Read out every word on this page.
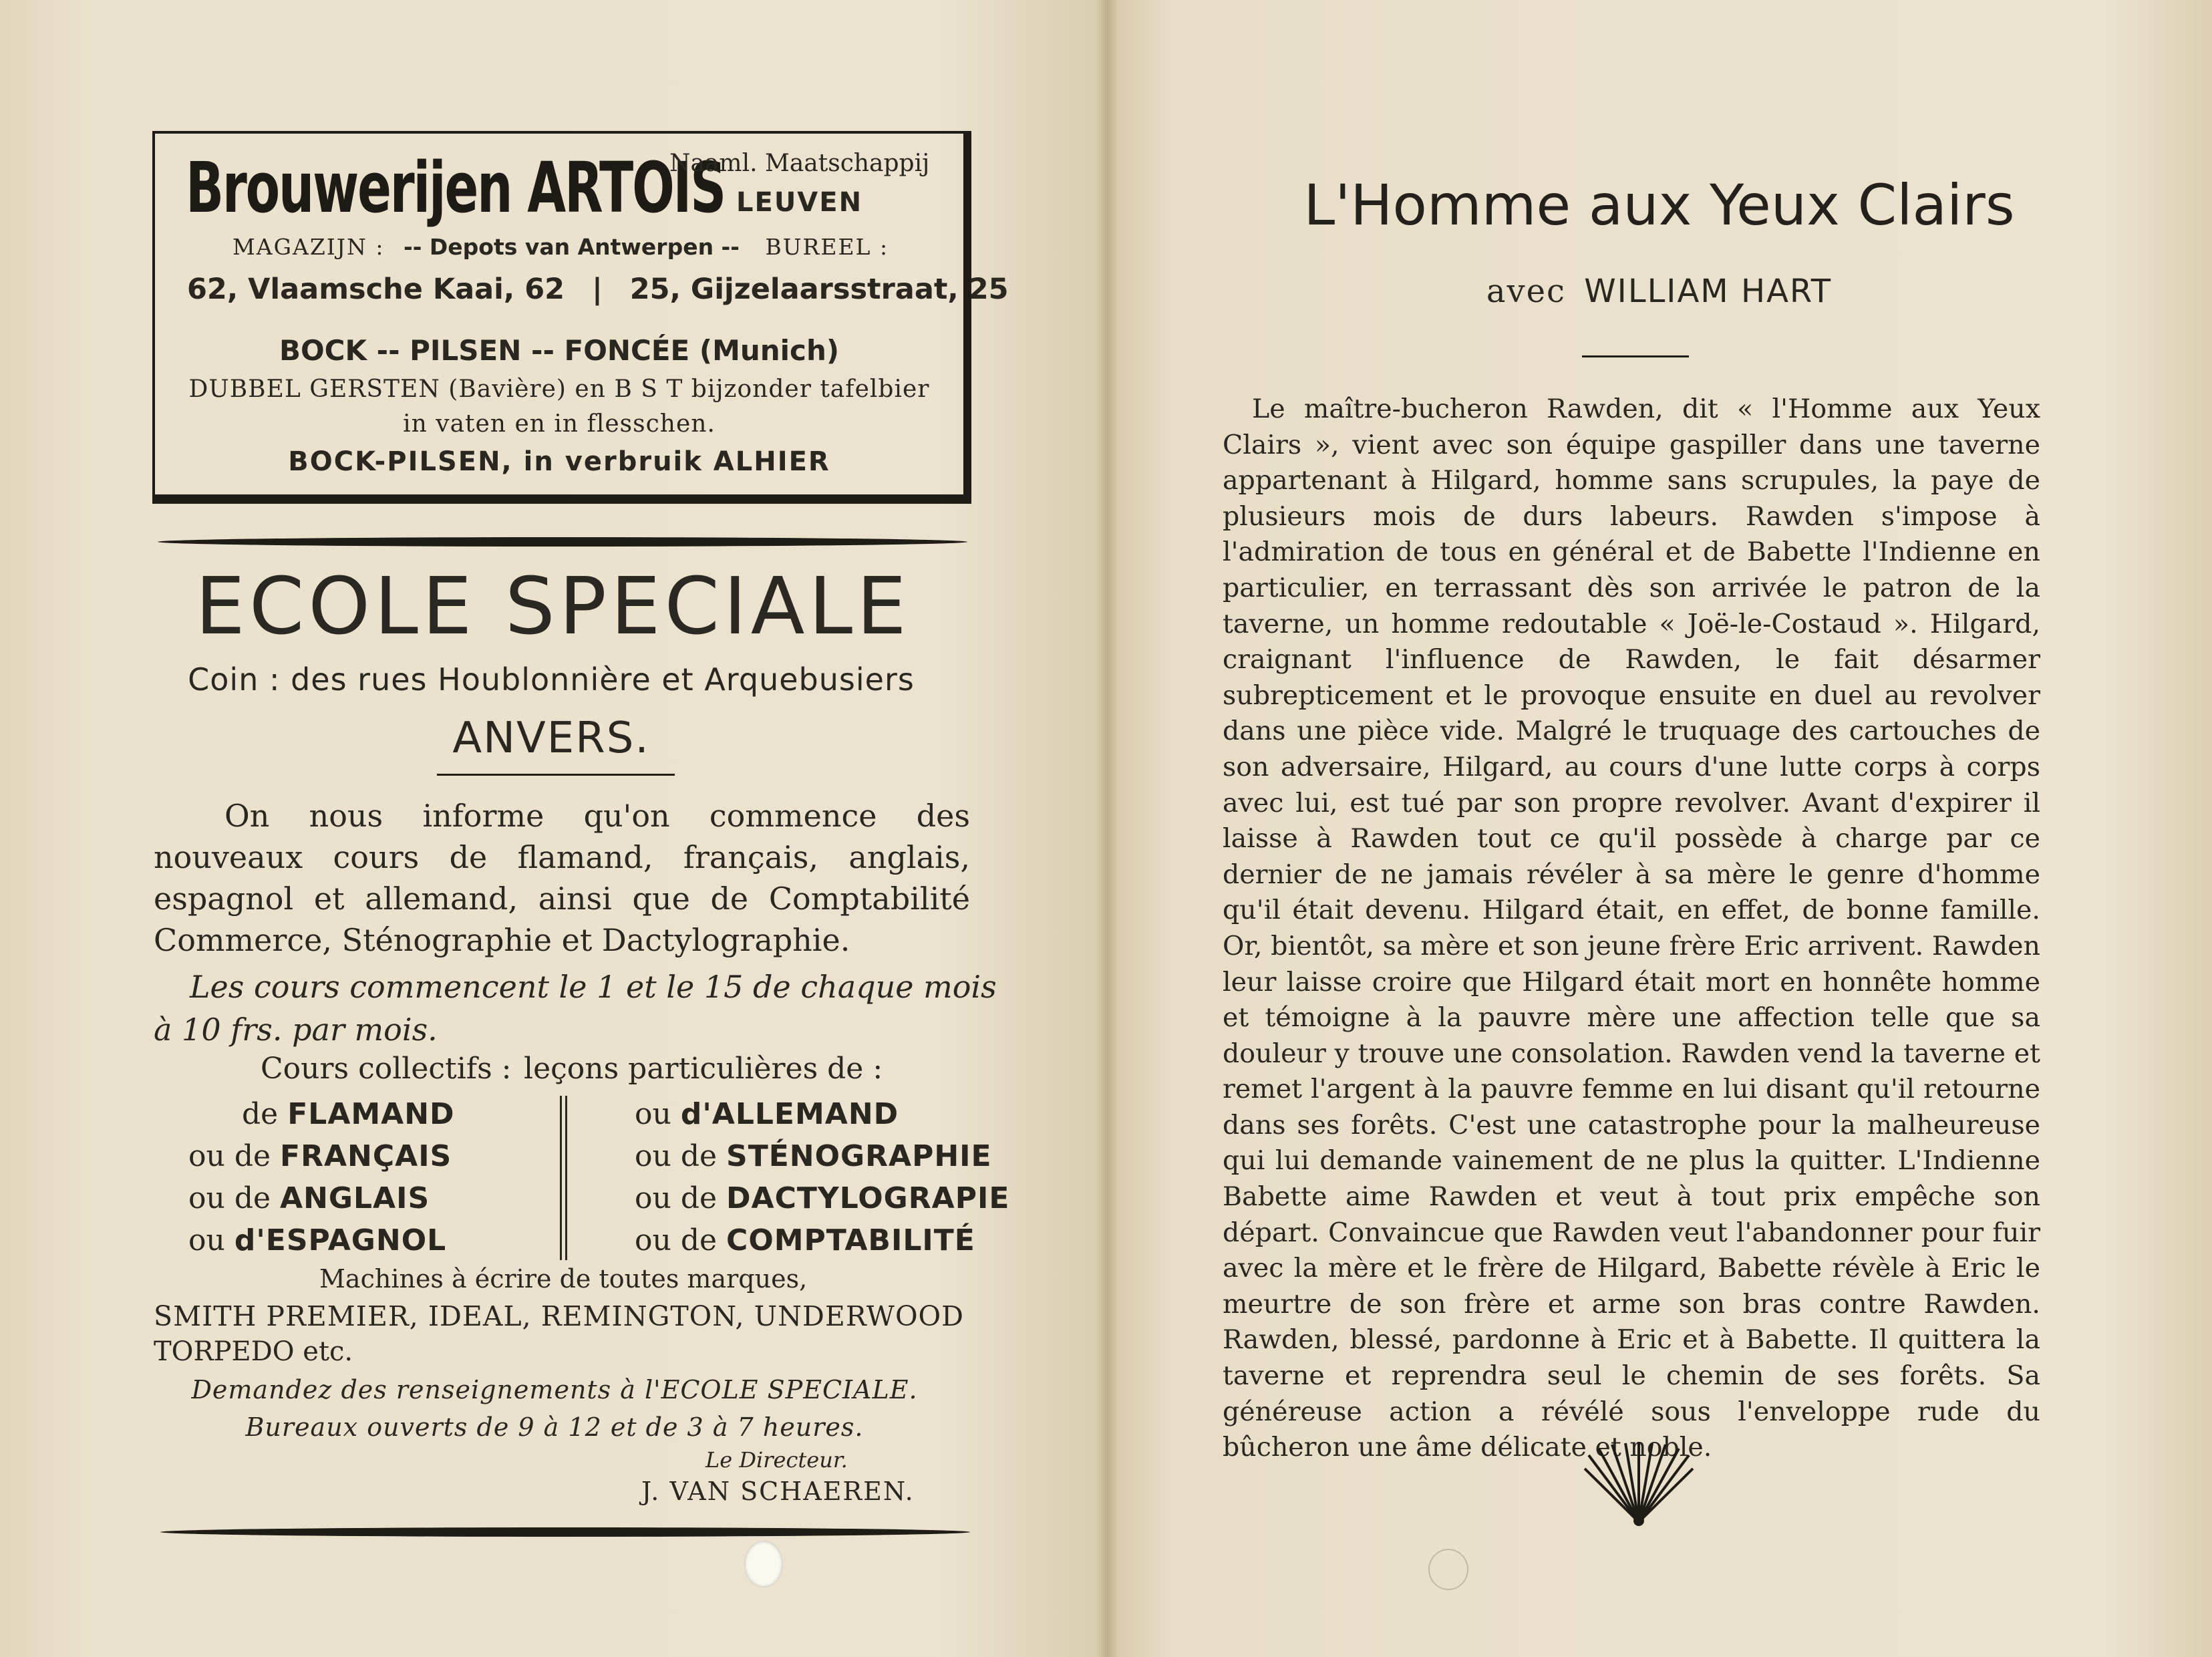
Brouwerijen ARTOIS
Naaml. Maatschappij
LEUVEN
MAGAZIJN : -- Depots van Antwerpen -- BUREEL :
62, Vlaamsche Kaai, 62 | 25, Gijzelaarsstraat, 25
BOCK -- PILSEN -- FONCÉE (Munich)
DUBBEL GERSTEN (Bavière) en B S T bijzonder tafelbier
in vaten en in flesschen.
BOCK-PILSEN, in verbruik ALHIER
ECOLE SPECIALE
Coin : des rues Houblonnière et Arquebusiers
ANVERS.
On nous informe qu'on commence des nouveaux cours de flamand, français, anglais, espagnol et allemand, ainsi que de Comptabilité Commerce, Sténographie et Dactylographie.
Les cours commencent le 1 et le 15 de chaque mois
à 10 frs. par mois.
Cours collectifs : leçons particulières de :
de FLAMAND
ou de FRANÇAIS
ou de ANGLAIS
ou d'ESPAGNOL
ou d'ALLEMAND
ou de STÉNOGRAPHIE
ou de DACTYLOGRAPIE
ou de COMPTABILITÉ
Machines à écrire de toutes marques,
SMITH PREMIER, IDEAL, REMINGTON, UNDERWOOD
TORPEDO etc.
Demandez des renseignements à l'ECOLE SPECIALE.
Bureaux ouverts de 9 à 12 et de 3 à 7 heures.
Le Directeur.
J. VAN SCHAEREN.
L'Homme aux Yeux Clairs
avec WILLIAM HART

Le maître-bucheron Rawden, dit « l'Homme aux Yeux Clairs », vient avec son équipe gaspiller dans une taverne appartenant à Hilgard, homme sans scrupules, la paye de plusieurs mois de durs labeurs. Rawden s'impose à l'admiration de tous en général et de Babette l'Indienne en particulier, en terrassant dès son arrivée le patron de la taverne, un homme redoutable « Joë-le-Costaud ». Hilgard, craignant l'influence de Rawden, le fait désarmer subrepticement et le provoque ensuite en duel au revolver dans une pièce vide. Malgré le truquage des cartouches de son adversaire, Hilgard, au cours d'une lutte corps à corps avec lui, est tué par son propre revolver. Avant d'expirer il laisse à Rawden tout ce qu'il possède à charge par ce dernier de ne jamais révéler à sa mère le genre d'homme qu'il était devenu. Hilgard était, en effet, de bonne famille. Or, bientôt, sa mère et son jeune frère Eric arrivent. Rawden leur laisse croire que Hilgard était mort en honnête homme et témoigne à la pauvre mère une affection telle que sa douleur y trouve une consolation. Rawden vend la taverne et remet l'argent à la pauvre femme en lui disant qu'il retourne dans ses forêts. C'est une catastrophe pour la malheureuse qui lui demande vainement de ne plus la quitter. L'Indienne Babette aime Rawden et veut à tout prix empêche son départ. Convaincue que Rawden veut l'abandonner pour fuir avec la mère et le frère de Hilgard, Babette révèle à Eric le meurtre de son frère et arme son bras contre Rawden. Rawden, blessé, pardonne à Eric et à Babette. Il quittera la taverne et reprendra seul le chemin de ses forêts. Sa généreuse action a révélé sous l'enveloppe rude du bûcheron une âme délicate et noble.
